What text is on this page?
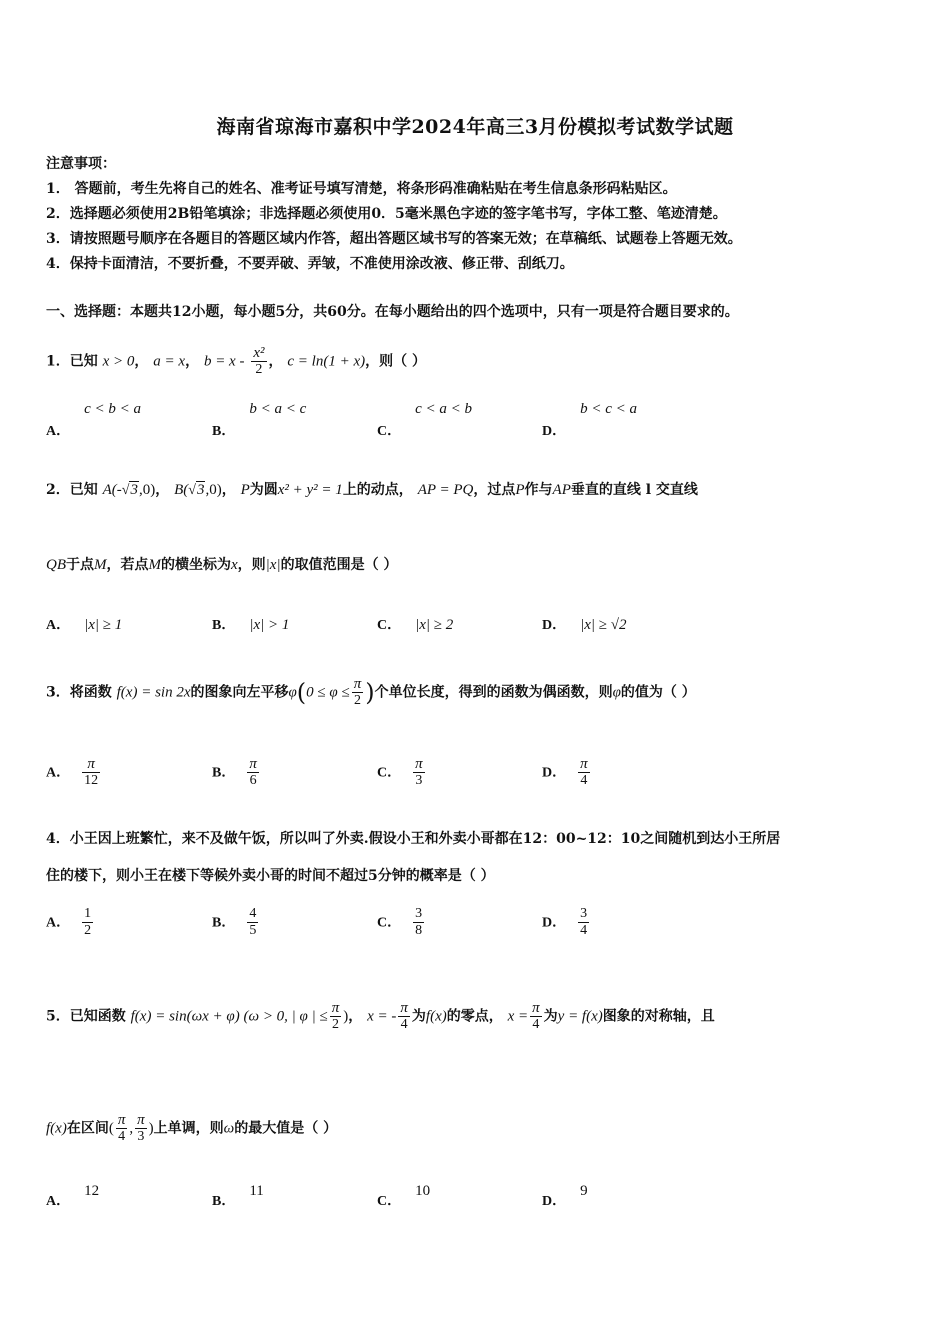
海南省琼海市嘉积中学2024年高三3月份模拟考试数学试题
注意事项：
1． 答题前，考生先将自己的姓名、准考证号填写清楚，将条形码准确粘贴在考生信息条形码粘贴区。
2．选择题必须使用2B铅笔填涂；非选择题必须使用0．5毫米黑色字迹的签字笔书写，字体工整、笔迹清楚。
3．请按照题号顺序在各题目的答题区域内作答，超出答题区域书写的答案无效；在草稿纸、试题卷上答题无效。
4．保持卡面清洁，不要折叠，不要弄破、弄皱，不准使用涂改液、修正带、刮纸刀。
一、选择题：本题共12小题，每小题5分，共60分。在每小题给出的四个选项中，只有一项是符合题目要求的。
1．已知 x > 0， a = x， $b = x - \frac{\text{x²}}{2}$ ， c = ln(1 + x)，则（ ）
A．c < b < a
B．b < a < c
C．c < a < b
D．b < c < a
2．已知 A(-√3,0)， B(√3,0)， P为圆x² + y² = 1上的动点， AP = PQ，过点P作与AP垂直的直线 l 交直线
QB于点M，若点M的横坐标为x，则|x|的取值范围是（ ）
A． |x| ≥ 1	B． |x| > 1	C． |x| ≥ 2	D． |x| ≥ √2
3．将函数 f(x) = sin 2x的图象向左平移$\varphi(0 \le \varphi \le \frac{\pi}{2}$ )个单位长度，得到的函数为偶函数，则φ的值为（ ）
A． $\frac{\pi}{12}$	B． $\frac{\pi}{6}$	C． $\frac{\pi}{3}$	D． $\frac{\pi}{4}$
4．小王因上班繁忙，来不及做午饭，所以叫了外卖.假设小王和外卖小哥都在12：00~12：10之间随机到达小王所居
住的楼下，则小王在楼下等候外卖小哥的时间不超过5分钟的概率是（ ）
A． $\frac{1}{2}$	B． $\frac{4}{5}$	C． $\frac{3}{8}$	D． $\frac{3}{4}$
5．已知函数 f(x) = sin(ωx + φ) (ω > 0, | φ | ≤ $\frac{\pi}{2}$ )， x = - $\frac{\pi}{4}$ 为f(x)的零点， $x = \frac{\pi}{4}$ 为y = f(x)图象的对称轴，且
f(x)在区间( $\frac{\pi}{4}$ , $\frac{\pi}{3}$ )上单调，则ω的最大值是（ ）
A．12
B．11
C．10
D．9
